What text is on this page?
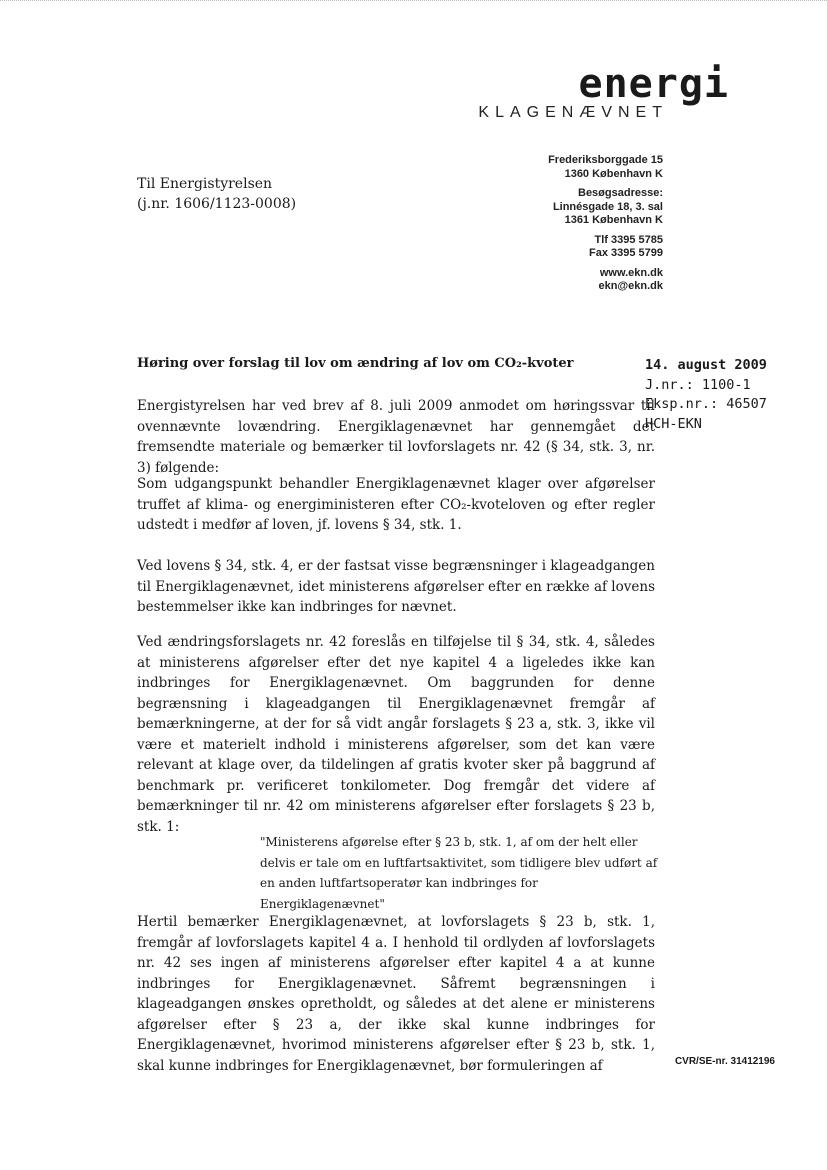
energi
KLAGENÆVNET
Til Energistyrelsen
(j.nr. 1606/1123-0008)
Frederiksborggade 15
1360 København K
Besøgsadresse:
Linnésgade 18, 3. sal
1361 København K
Tlf 3395 5785
Fax 3395 5799
www.ekn.dk
ekn@ekn.dk
Høring over forslag til lov om ændring af lov om CO₂-kvoter	14. august 2009
J.nr.: 1100-1
Eksp.nr.: 46507
HCH-EKN

Energistyrelsen har ved brev af 8. juli 2009 anmodet om høringssvar til ovennævnte lovændring. Energiklagenævnet har gennemgået det fremsendte materiale og bemærker til lovforslagets nr. 42 (§ 34, stk. 3, nr. 3) følgende:

Som udgangspunkt behandler Energiklagenævnet klager over afgørelser truffet af klima- og energiministeren efter CO₂-kvoteloven og efter regler udstedt i medfør af loven, jf. lovens § 34, stk. 1.

Ved lovens § 34, stk. 4, er der fastsat visse begrænsninger i klageadgangen til Energiklagenævnet, idet ministerens afgørelser efter en række af lovens bestemmelser ikke kan indbringes for nævnet.

Ved ændringsforslagets nr. 42 foreslås en tilføjelse til § 34, stk. 4, således at ministerens afgørelser efter det nye kapitel 4 a ligeledes ikke kan indbringes for Energiklagenævnet. Om baggrunden for denne begrænsning i klageadgangen til Energiklagenævnet fremgår af bemærkningerne, at der for så vidt angår forslagets § 23 a, stk. 3, ikke vil være et materielt indhold i ministerens afgørelser, som det kan være relevant at klage over, da tildelingen af gratis kvoter sker på baggrund af benchmark pr. verificeret tonkilometer. Dog fremgår det videre af bemærkninger til nr. 42 om ministerens afgørelser efter forslagets § 23 b, stk. 1:

"Ministerens afgørelse efter § 23 b, stk. 1, af om der helt eller delvis er tale om en luftfartsaktivitet, som tidligere blev udført af en anden luftfartsoperatør kan indbringes for Energiklagenævnet"

Hertil bemærker Energiklagenævnet, at lovforslagets § 23 b, stk. 1, fremgår af lovforslagets kapitel 4 a. I henhold til ordlyden af lovforslagets nr. 42 ses ingen af ministerens afgørelser efter kapitel 4 a at kunne indbringes for Energiklagenævnet. Såfremt begrænsningen i klageadgangen ønskes opretholdt, og således at det alene er ministerens afgørelser efter § 23 a, der ikke skal kunne indbringes for Energiklagenævnet, hvorimod ministerens afgørelser efter § 23 b, stk. 1, skal kunne indbringes for Energiklagenævnet, bør formuleringen af	CVR/SE-nr. 31412196
